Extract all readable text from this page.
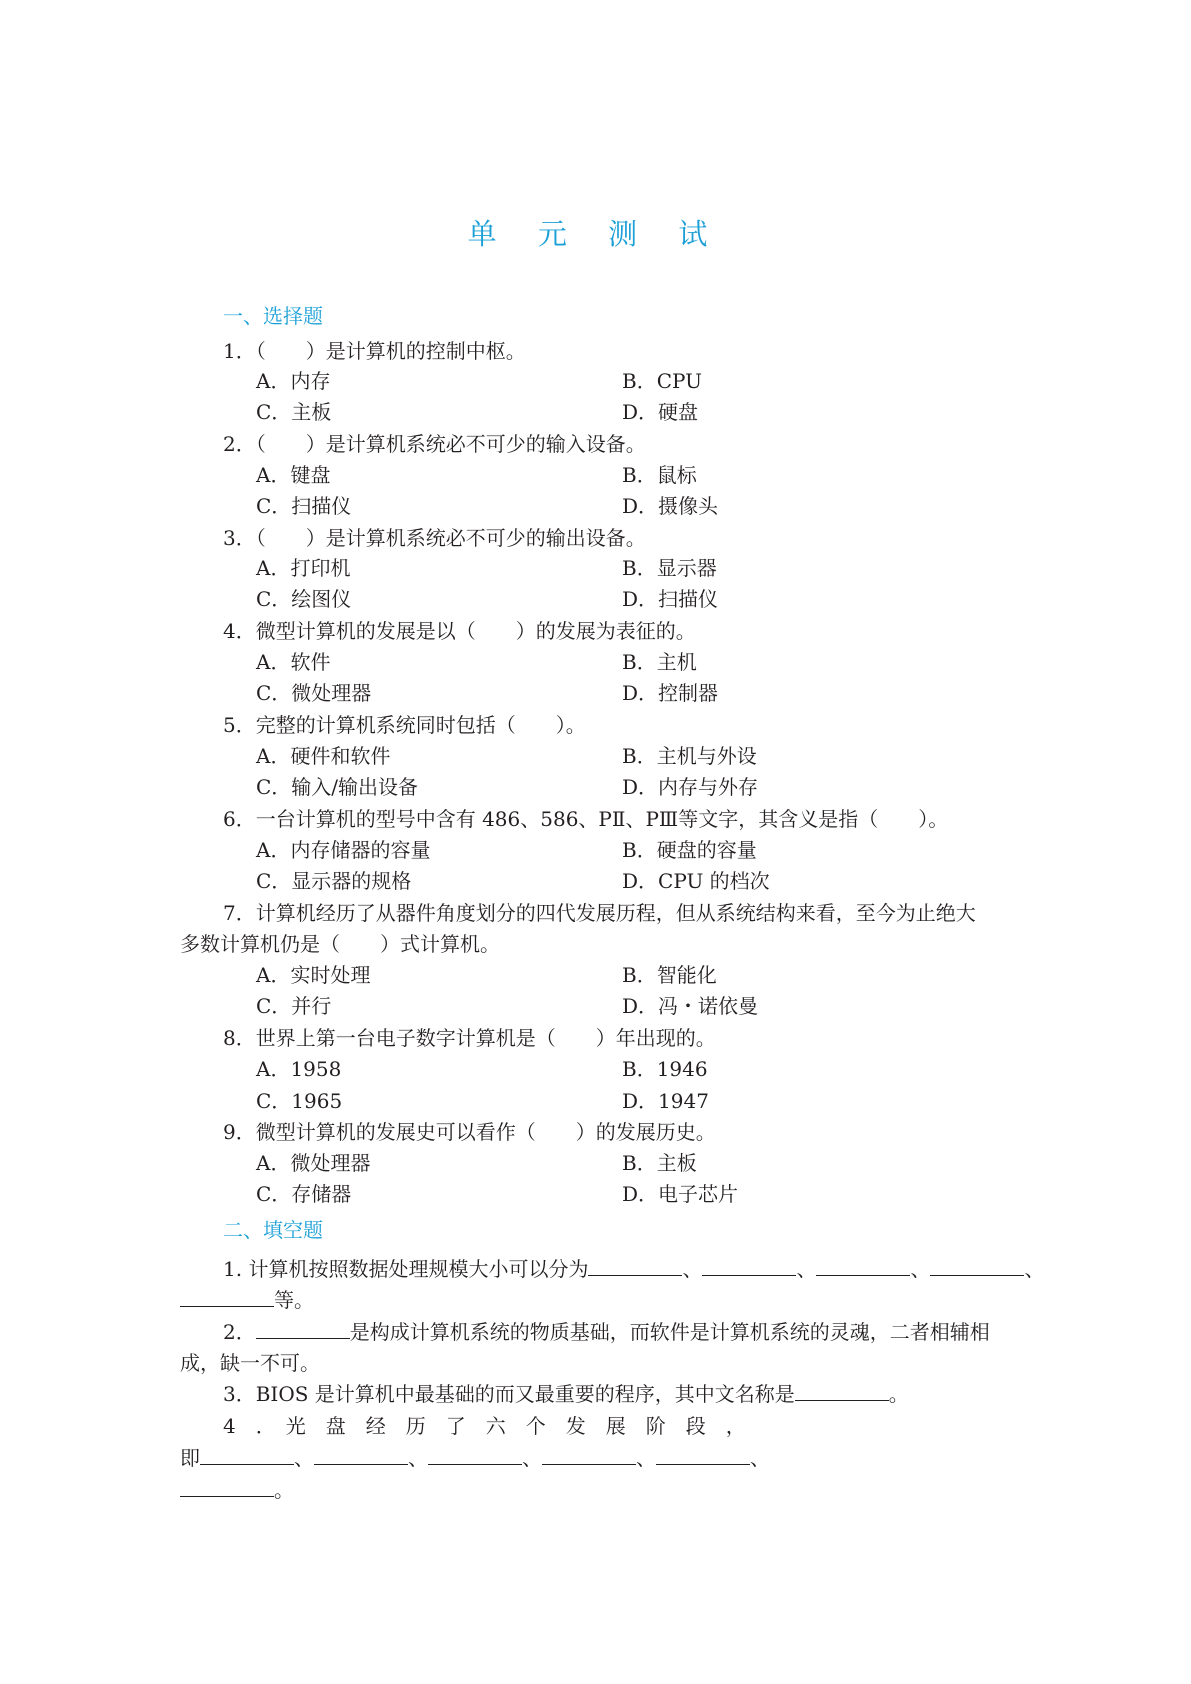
单 元 测 试
一、选择题
1．（　　）是计算机的控制中枢。
A．内存	B．CPU
C．主板	D．硬盘
2．（　　）是计算机系统必不可少的输入设备。
A．键盘	B．鼠标
C．扫描仪	D．摄像头
3．（　　）是计算机系统必不可少的输出设备。
A．打印机	B．显示器
C．绘图仪	D．扫描仪
4．微型计算机的发展是以（　　）的发展为表征的。
A．软件	B．主机
C．微处理器	D．控制器
5．完整的计算机系统同时包括（　　）。
A．硬件和软件	B．主机与外设
C．输入/输出设备	D．内存与外存
6．一台计算机的型号中含有 486、586、PⅡ、PⅢ等文字，其含义是指（　　）。
A．内存储器的容量	B．硬盘的容量
C．显示器的规格	D．CPU 的档次
7．计算机经历了从器件角度划分的四代发展历程，但从系统结构来看，至今为止绝大
多数计算机仍是（　　）式计算机。
A．实时处理	B．智能化
C．并行	D．冯・诺依曼
8．世界上第一台电子数字计算机是（　　）年出现的。
A．1958	B．1946
C．1965	D．1947
9．微型计算机的发展史可以看作（　　）的发展历史。
A．微处理器	B．主板
C．存储器	D．电子芯片
二、填空题
1. 计算机按照数据处理规模大小可以分为	、	、	、	、
等。
2．	是构成计算机系统的物质基础，而软件是计算机系统的灵魂，二者相辅相
成，缺一不可。
3．BIOS 是计算机中最基础的而又最重要的程序，其中文名称是	。
4　．　光　盘　经　历　了　六　个　发　展　阶　段　，
即	、	、	、	、	、
。
